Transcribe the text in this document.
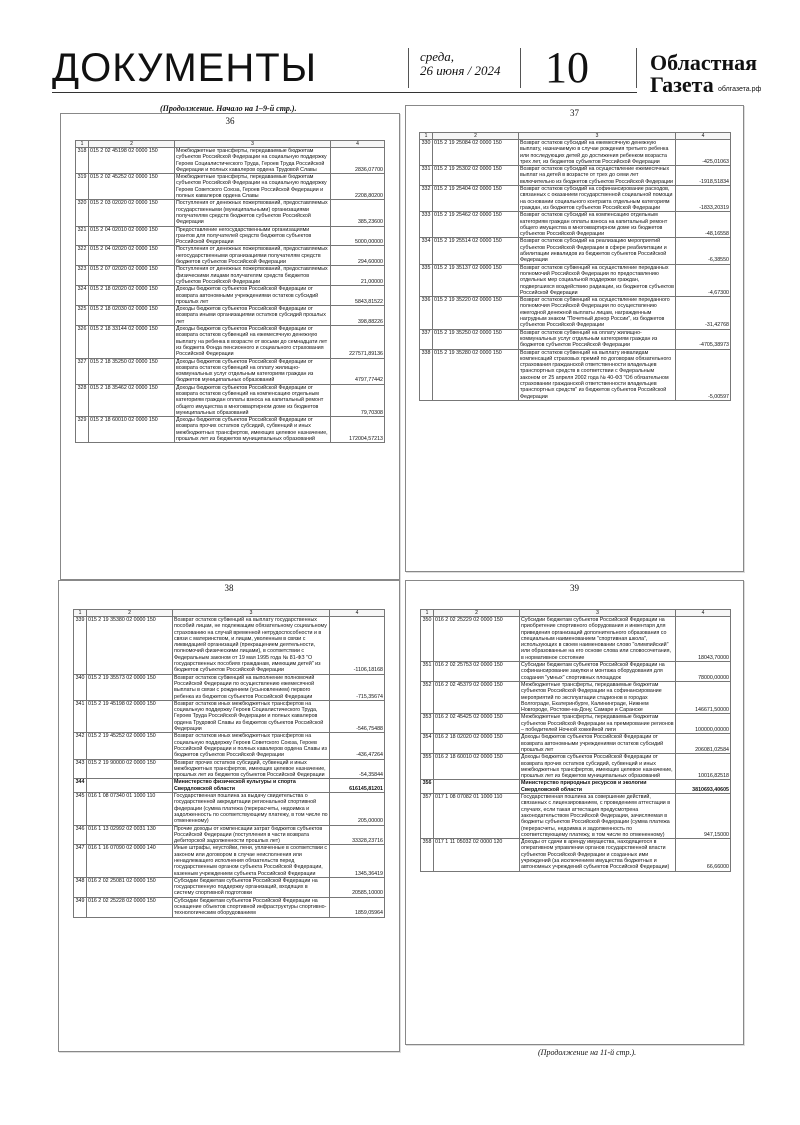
ДОКУМЕНТЫ	среда,
26 июня / 2024 10	Областная
Газета облгазета.рф
(Продолжение. Начало на 1–9-й стр.).
36
1	2	3	4
318	015 2 02 45198 02 0000 150	Межбюджетные трансферты, передаваемые бюджетам субъектов Российской Федерации на социальную поддержку Героев Социалистического Труда, Героев Труда Российской Федерации и полных кавалеров ордена Трудовой Славы	2836,07700
319	015 2 02 45252 02 0000 150	Межбюджетные трансферты, передаваемые бюджетам субъектов Российской Федерации на социальную поддержку Героев Советского Союза, Героев Российской Федерации и полных кавалеров ордена Славы	2208,80200
320	015 2 03 02020 02 0000 150	Поступления от денежных пожертвований, предоставляемых государственными (муниципальными) организациями получателям средств бюджетов субъектов Российской Федерации	385,23600
321	015 2 04 02010 02 0000 150	Предоставление негосударственными организациями грантов для получателей средств бюджетов субъектов Российской Федерации	5000,00000
322	015 2 04 02020 02 0000 150	Поступления от денежных пожертвований, предоставляемых негосударственными организациями получателям средств бюджетов субъектов Российской Федерации	294,60000
323	015 2 07 02020 02 0000 150	Поступления от денежных пожертвований, предоставляемых физическими лицами получателям средств бюджетов субъектов Российской Федерации	21,00000
324	015 2 18 02020 02 0000 150	Доходы бюджетов субъектов Российской Федерации от возврата автономными учреждениями остатков субсидий прошлых лет	5843,81522
325	015 2 18 02030 02 0000 150	Доходы бюджетов субъектов Российской Федерации от возврата иными организациями остатков субсидий прошлых лет	398,88226
326	015 2 18 33144 02 0000 150	Доходы бюджетов субъектов Российской Федерации от возврата остатков субвенций на ежемесячную денежную выплату на ребенка в возрасте от восьми до семнадцати лет из бюджета Фонда пенсионного и социального страхования Российской Федерации	227571,89136
327	015 2 18 35250 02 0000 150	Доходы бюджетов субъектов Российской Федерации от возврата остатков субвенций на оплату жилищно-коммунальных услуг отдельным категориям граждан из бюджетов муниципальных образований	4797,77442
328	015 2 18 35462 02 0000 150	Доходы бюджетов субъектов Российской Федерации от возврата остатков субвенций на компенсацию отдельным категориям граждан оплаты взноса на капитальный ремонт общего имущества в многоквартирном доме из бюджетов муниципальных образований	79,70308
329	015 2 18 60010 02 0000 150	Доходы бюджетов субъектов Российской Федерации от возврата прочих остатков субсидий, субвенций и иных межбюджетных трансфертов, имеющих целевое назначение, прошлых лет из бюджетов муниципальных образований	172004,57213
37
1	2	3	4
330	015 2 19 25084 02 0000 150	Возврат остатков субсидий на ежемесячную денежную выплату, назначаемую в случае рождения третьего ребенка или последующих детей до достижения ребенком возраста трех лет, из бюджетов субъектов Российской Федерации	-425,01063
331	015 2 19 25302 02 0000 150	Возврат остатков субсидий на осуществление ежемесячных выплат на детей в возрасте от трех до семи лет включительно из бюджетов субъектов Российской Федерации	-1918,51834
332	015 2 19 25404 02 0000 150	Возврат остатков субсидий на софинансирование расходов, связанных с оказанием государственной социальной помощи на основании социального контракта отдельным категориям граждан, из бюджетов субъектов Российской Федерации	-1833,20319
333	015 2 19 25462 02 0000 150	Возврат остатков субсидий на компенсацию отдельным категориям граждан оплаты взноса на капитальный ремонт общего имущества в многоквартирном доме из бюджетов субъектов Российской Федерации	-48,16558
334	015 2 19 25514 02 0000 150	Возврат остатков субсидий на реализацию мероприятий субъектов Российской Федерации в сфере реабилитации и абилитации инвалидов из бюджетов субъектов Российской Федерации	-6,38550
335	015 2 19 35137 02 0000 150	Возврат остатков субвенций на осуществление переданных полномочий Российской Федерации по предоставлению отдельных мер социальной поддержки граждан, подвергшихся воздействию радиации, из бюджетов субъектов Российской Федерации	-4,67300
336	015 2 19 35220 02 0000 150	Возврат остатков субвенций на осуществление переданного полномочия Российской Федерации по осуществлению ежегодной денежной выплаты лицам, награжденным нагрудным знаком "Почетный донор России", из бюджетов субъектов Российской Федерации	-31,42768
337	015 2 19 35250 02 0000 150	Возврат остатков субвенций на оплату жилищно-коммунальных услуг отдельным категориям граждан из бюджетов субъектов Российской Федерации	-4705,38973
338	015 2 19 35280 02 0000 150	Возврат остатков субвенций на выплату инвалидам компенсаций страховых премий по договорам обязательного страхования гражданской ответственности владельцев транспортных средств в соответствии с Федеральным законом от 25 апреля 2002 года № 40-ФЗ "Об обязательном страховании гражданской ответственности владельцев транспортных средств" из бюджетов субъектов Российской Федерации	-5,00597
38
1	2	3	4
339	015 2 19 35380 02 0000 150	Возврат остатков субвенций на выплату государственных пособий лицам, не подлежащим обязательному социальному страхованию на случай временной нетрудоспособности и в связи с материнством, и лицам, уволенным в связи с ликвидацией организаций (прекращением деятельности, полномочий физическими лицами), в соответствии с Федеральным законом от 19 мая 1995 года № 81-ФЗ "О государственных пособиях гражданам, имеющим детей" из бюджетов субъектов Российской Федерации	-1106,18168
340	015 2 19 35573 02 0000 150	Возврат остатков субвенций на выполнение полномочий Российской Федерации по осуществлению ежемесячной выплаты в связи с рождением (усыновлением) первого ребенка из бюджетов субъектов Российской Федерации	-715,35674
341	015 2 19 45198 02 0000 150	Возврат остатков иных межбюджетных трансфертов на социальную поддержку Героев Социалистического Труда, Героев Труда Российской Федерации и полных кавалеров ордена Трудовой Славы из бюджетов субъектов Российской Федерации	-546,75488
342	015 2 19 45252 02 0000 150	Возврат остатков иных межбюджетных трансфертов на социальную поддержку Героев Советского Союза, Героев Российской Федерации и полных кавалеров ордена Славы из бюджетов субъектов Российской Федерации	-436,47264
343	015 2 19 90000 02 0000 150	Возврат прочих остатков субсидий, субвенций и иных межбюджетных трансфертов, имеющих целевое назначение, прошлых лет из бюджетов субъектов Российской Федерации	-54,35844
344		Министерство физической культуры и спорта Свердловской области	616145,81201
345	016 1 08 07340 01 1000 110	Государственная пошлина за выдачу свидетельства о государственной аккредитации региональной спортивной федерации (сумма платежа (перерасчеты, недоимка и задолженность по соответствующему платежу, в том числе по отмененному)	205,00000
346	016 1 13 02992 02 0031 130	Прочие доходы от компенсации затрат бюджетов субъектов Российской Федерации (поступления в части возврата дебиторской задолженности прошлых лет)	33328,23716
347	016 1 16 07090 02 0000 140	Иные штрафы, неустойки, пени, уплаченные в соответствии с законом или договором в случае неисполнения или ненадлежащего исполнения обязательств перед государственным органом субъекта Российской Федерации, казенным учреждением субъекта Российской Федерации	1345,36419
348	016 2 02 25081 02 0000 150	Субсидии бюджетам субъектов Российской Федерации на государственную поддержку организаций, входящих в систему спортивной подготовки	20585,10000
349	016 2 02 25228 02 0000 150	Субсидии бюджетам субъектов Российской Федерации на оснащение объектов спортивной инфраструктуры спортивно-технологическим оборудованием	1859,05964
39
1	2	3	4
350	016 2 02 25229 02 0000 150	Субсидии бюджетам субъектов Российской Федерации на приобретение спортивного оборудования и инвентаря для приведения организаций дополнительного образования со специальным наименованием "спортивная школа", использующих в своем наименовании слово "олимпийский" или образованные на его основе слова или словосочетания, в нормативное состояние	18043,70000
351	016 2 02 25753 02 0000 150	Субсидии бюджетам субъектов Российской Федерации на софинансирование закупки и монтажа оборудования для создания "умных" спортивных площадок	78000,00000
352	016 2 02 45379 02 0000 150	Межбюджетные трансферты, передаваемые бюджетам субъектов Российской Федерации на софинансирование мероприятий по эксплуатации стадионов в городах Волгограде, Екатеринбурге, Калининграде, Нижнем Новгороде, Ростове-на-Дону, Самаре и Саранске	146671,50000
353	016 2 02 45425 02 0000 150	Межбюджетные трансферты, передаваемые бюджетам субъектов Российской Федерации на премирование регионов – победителей Ночной хоккейной лиги	100000,00000
354	016 2 18 02020 02 0000 150	Доходы бюджетов субъектов Российской Федерации от возврата автономными учреждениями остатков субсидий прошлых лет	206081,02584
355	016 2 18 60010 02 0000 150	Доходы бюджетов субъектов Российской Федерации от возврата прочих остатков субсидий, субвенций и иных межбюджетных трансфертов, имеющих целевое назначение, прошлых лет из бюджетов муниципальных образований	10016,82518
356		Министерство природных ресурсов и экологии Свердловской области	3810693,40605
357	017 1 08 07082 01 1000 110	Государственная пошлина за совершение действий, связанных с лицензированием, с проведением аттестации в случаях, если такая аттестация предусмотрена законодательством Российской Федерации, зачисляемая в бюджеты субъектов Российской Федерации (сумма платежа (перерасчеты, недоимка и задолженность по соответствующему платежу, в том числе по отмененному)	947,15000
358	017 1 11 05032 02 0000 120	Доходы от сдачи в аренду имущества, находящегося в оперативном управлении органов государственной власти субъектов Российской Федерации и созданных ими учреждений (за исключением имущества бюджетных и автономных учреждений субъектов Российской Федерации)	66,66000
(Продолжение на 11-й стр.).
